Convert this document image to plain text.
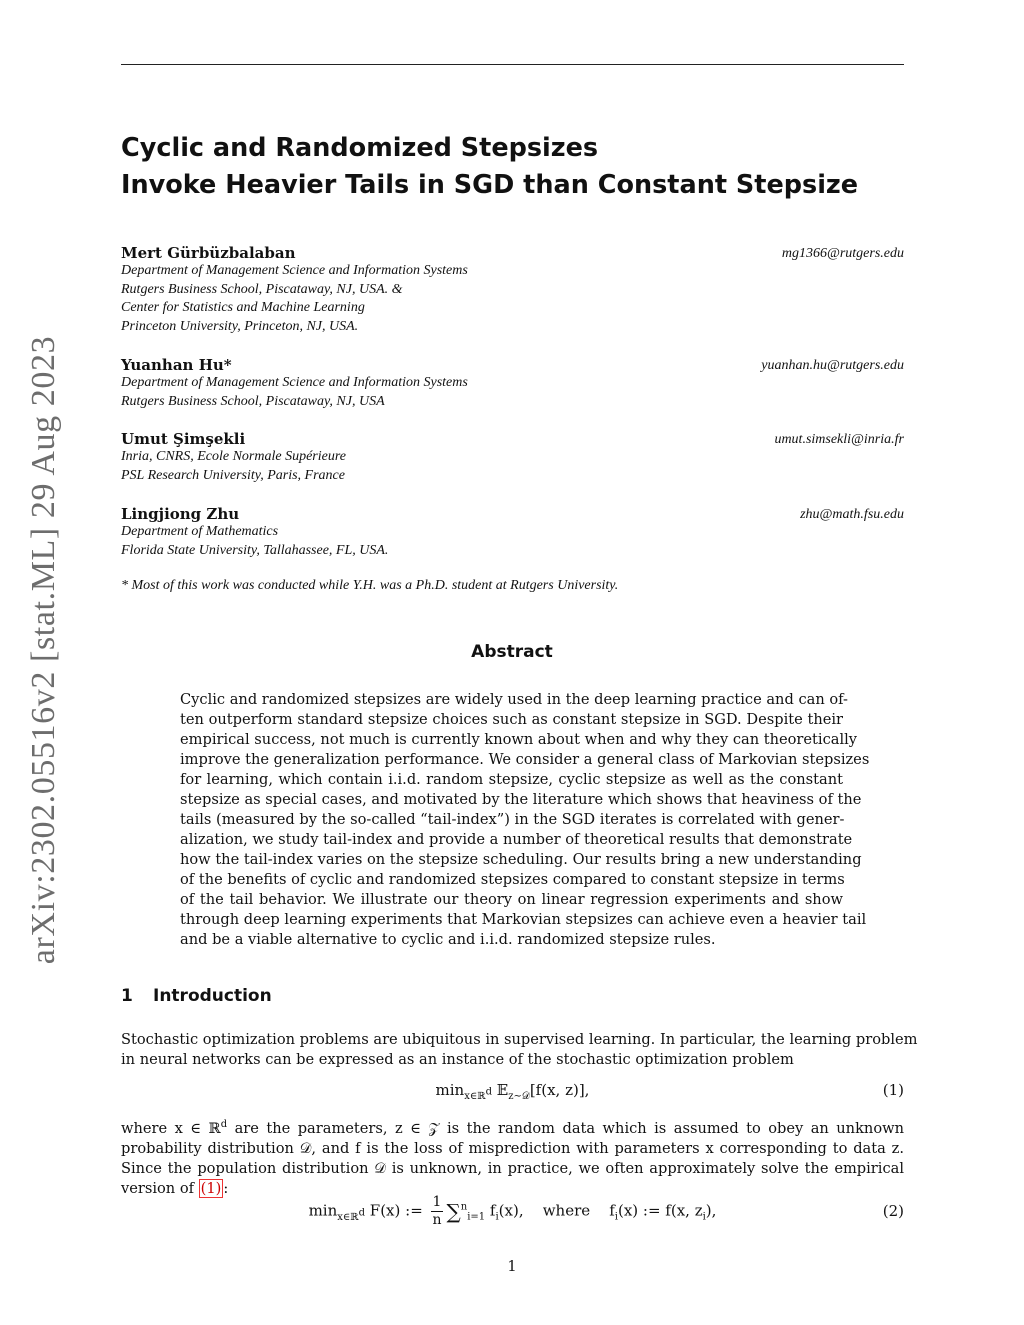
arXiv:2302.05516v2 [stat.ML] 29 Aug 2023
Cyclic and Randomized Stepsizes
Invoke Heavier Tails in SGD than Constant Stepsize
Mert Gürbüzbalaban	mg1366@rutgers.edu
Department of Management Science and Information Systems
Rutgers Business School, Piscataway, NJ, USA. &
Center for Statistics and Machine Learning
Princeton University, Princeton, NJ, USA.
Yuanhan Hu*	yuanhan.hu@rutgers.edu
Department of Management Science and Information Systems
Rutgers Business School, Piscataway, NJ, USA
Umut Şimşekli	umut.simsekli@inria.fr
Inria, CNRS, Ecole Normale Supérieure
PSL Research University, Paris, France
Lingjiong Zhu	zhu@math.fsu.edu
Department of Mathematics
Florida State University, Tallahassee, FL, USA.
* Most of this work was conducted while Y.H. was a Ph.D. student at Rutgers University.
Abstract
Cyclic and randomized stepsizes are widely used in the deep learning practice and can of-
ten outperform standard stepsize choices such as constant stepsize in SGD. Despite their
empirical success, not much is currently known about when and why they can theoretically
improve the generalization performance. We consider a general class of Markovian stepsizes
for learning, which contain i.i.d. random stepsize, cyclic stepsize as well as the constant
stepsize as special cases, and motivated by the literature which shows that heaviness of the
tails (measured by the so-called “tail-index”) in the SGD iterates is correlated with gener-
alization, we study tail-index and provide a number of theoretical results that demonstrate
how the tail-index varies on the stepsize scheduling. Our results bring a new understanding
of the benefits of cyclic and randomized stepsizes compared to constant stepsize in terms
of the tail behavior. We illustrate our theory on linear regression experiments and show
through deep learning experiments that Markovian stepsizes can achieve even a heavier tail
and be a viable alternative to cyclic and i.i.d. randomized stepsize rules.
1 Introduction
Stochastic optimization problems are ubiquitous in supervised learning. In particular, the learning problem
in neural networks can be expressed as an instance of the stochastic optimization problem
$\min_{x\in ℝd}$ 𝔼$_{z\sim 𝒟}$[f(x, z)],	(1)
where x ∈ ℝ$^d$ are the parameters, z ∈ 𝒵 is the random data which is assumed to obey an unknown
probability distribution 𝒟, and f is the loss of misprediction with parameters x corresponding to data z.
Since the population distribution 𝒟 is unknown, in practice, we often approximately solve the empirical
version of (1) :
$\min_{x\in ℝd} F(x)$ := $\frac{1}{n} \sum^n_{i=1}$ $f_i(x)$, where $f_i(x)$ := f(x, $z_i$),	(2)
1
